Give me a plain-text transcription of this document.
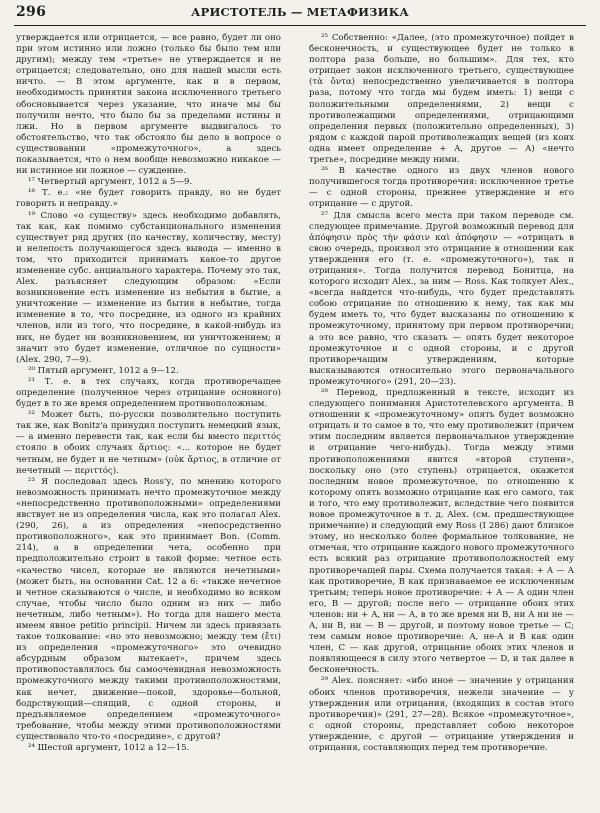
296	АРИСТОТЕЛЬ — МЕТАФИЗИКА

утверждается или отрицается, — все равно, будет ли оно при этом истинно или ложно (только бы было тем или другим); между тем «третье» не утверждается и не отрицается; следовательно, оно для нашей мысли есть ничто. — В этом аргументе, как и в первом, необходимость принятия закона исключенного третьего обосновывается через указание, что иначе мы бы получили нечто, что было бы за пределами истины и лжи. Но в первом аргументе выдвигалось то обстоятельство, что так обстояло бы дело в вопросе о существовании «промежуточного», а здесь показывается, что о нем вообще невозможно никакое — ни истинное ни ложное — суждение.

¹⁷ Четвертый аргумент, 1012 a 5—9.

¹⁸ Т. е.: «не будет говорить правду, но не будет говорить и неправду.»

¹⁹ Слово «о существу» здесь необходимо добавлять, так как, как помимо субстанционального изменения существует ряд других (по качеству, количеству, месту) и нелепость получающегося здесь вывода — именно в том, что приходится принимать какое-то другое изменение субс. анциального характера. Почему это так, Alex. разъясняет следующим образом: «Если возникновение есть изменение из небытия в бытие, а уничтожение — изменение из бытия в небытие, тогда изменение в то, что посредине, из одного из крайних членов, или из того, что посредине, в какой-нибудь из них, не будет ни возникновением, ни уничтожением; и значит это будет изменение, отличное по сущности» (Alex. 290, 7—9).

²⁰ Пятый аргумент, 1012 a 9—12.

²¹ Т. е. в тех случаях, когда противоречащее определение (полученное через отрицание основного) будет в то же время определением противоположным.

²² Может быть, по-русски позволительно поступить так же, как Bonitz'а принудил поступить немецкий язык, — а именно перевести так, как если бы вместо περιττός стояло в обоих случаях ἄρτιος: «... которое не будет четным, не будет и не четным» (οὐκ ἄρτιος, в отличие от нечетный — περιττός).

²³ Я последовал здесь Ross'у, по мнению которого невозможность принимать нечто промежуточное между «непосредственно противоположными» определениями явствует не из определения числа, как это полагал Alex. (290, 26), а из определения «непосредственно противоположного», как это принимает Bon. (Comm. 214), а в определении чета, особенно при предположительно строит в такой форме: четное есть «качество чисел, которые не являются нечетными» (может быть, на основании Cat. 12 a 6: «также нечетное и четное сказываются о числе, и необходимо во всяком случае, чтобы число было одним из них — либо нечетным, либо четным»). Но тогда для нашего места имеем явное petitio principii. Ничем ли здесь привязать такое толкование: «но это невозможно; между тем (ἔτι) из определения «промежуточного» это очевидно абсурдным образом вытекает», причем здесь противопоставлялось бы самоочевидная невозможность промежуточного между такими противоположностями, как нечет, движение—покой, здоровье—больной, бодрствующий—спящий, с одной стороны, и предъявляемое определением «промежуточного» требование, чтобы между этими противоположностями существовало что-то «посредине», с другой?

²⁴ Шестой аргумент, 1012 a 12—15.

²⁵ Собственно: «Далее, (это промежуточное) пойдет в бесконечность, и существующее будет не только в полтора раза больше, но большим». Для тех, кто отрицает закон исключенного третьего, существующее (τὰ ὄντα) непосредственно увеличивается в полтора раза, потому что тогда мы будем иметь: 1) вещи с положительными определениями, 2) вещи с противолежащими определениями, отрицающими определения первых (положительно определенных), 3) рядом с каждой парой противолежащих вещей (из коих одна имеет определение + A, другое — A) «нечто третье», посредине между ними.

²⁶ В качестве одного из двух членов нового получившегося тогда противоречия: исключенное третье — с одной стороны, прежнее утверждение и его отрицание — с другой.

²⁷ Для смысла всего места при таком переводе см. следующее примечание. Другой возможный перевод для ἀπόφησιν πρὸς τὴν φάσιν καὶ ἀπόφησιν — «отрицать в свою очередь, произвол это отрицание в отношении как утверждения его (т. е. «промежуточного»), так и отрицания». Тогда получится перевод Бонитца, на которого исходит Alex., за ним — Ross. Как толкует Alex., «всегда найдется что-нибудь, что будет представлять собою отрицание по отношению к нему, так как мы будем иметь то, что будет высказаны по отношению к промежуточному, принятому при первом противоречии; а это все равно, что сказать — опять будет некоторое промежуточное и с одной стороны, и с другой противоречащим утверждениям, которые высказываются относительно этого первоначального промежуточного» (291, 20—23).

²⁸ Перевод, предложенный в тексте, исходит из следующего понимания Аристотелевского аргумента. В отношении к «промежуточному» опять будет возможно отрицать и то самое в то, что ему противолежит (причем этим последним является первоначальное утверждение и отрицание чего-нибудь). Тогда между этими противоположениями явится «второй ступени», поскольку оно (это ступень) отрицается, окажется последним новое промежуточное, по отношению к которому опять возможно отрицание как его самого, так и того, что ему противолежит, вследствие чего появится новое промежуточное в т. д. Alex. (см. предшествующее примечание) и следующий ему Ross (I 286) дают близкое этому, но несколько более формальное толкование, не отмечая, что отрицание каждого нового промежуточного есть всякий раз отрицание противоположностей ему противоречащей пары. Схема получается такая: + A — A как противоречие, B как признаваемое ее исключенным третьим; теперь новое противоречие: + A — A один член его, B — другой; после него — отрицание обоих этих членов: ни + A, ни — A, в то же время ни B, ни A ни не — A, ни B, ни — B — другой, и поэтому новое третье — C; тем самым новое противоречие: A, не-A и B как один член, C — как другой, отрицание обоих этих членов и появляющееся в силу этого четвертое — D, и так далее в бесконечность.

²⁹ Alex. поясняет: «ибо иное — значение у отрицания обоих членов противоречия, нежели значение — у утверждения или отрицания, (входящих в состав этого противоречия)» (291, 27—28). Всякое «промежуточное», с одной стороны, представляет собою некоторое утверждение, с другой — отрицание утверждения и отрицания, составляющих перед тем противоречие.
